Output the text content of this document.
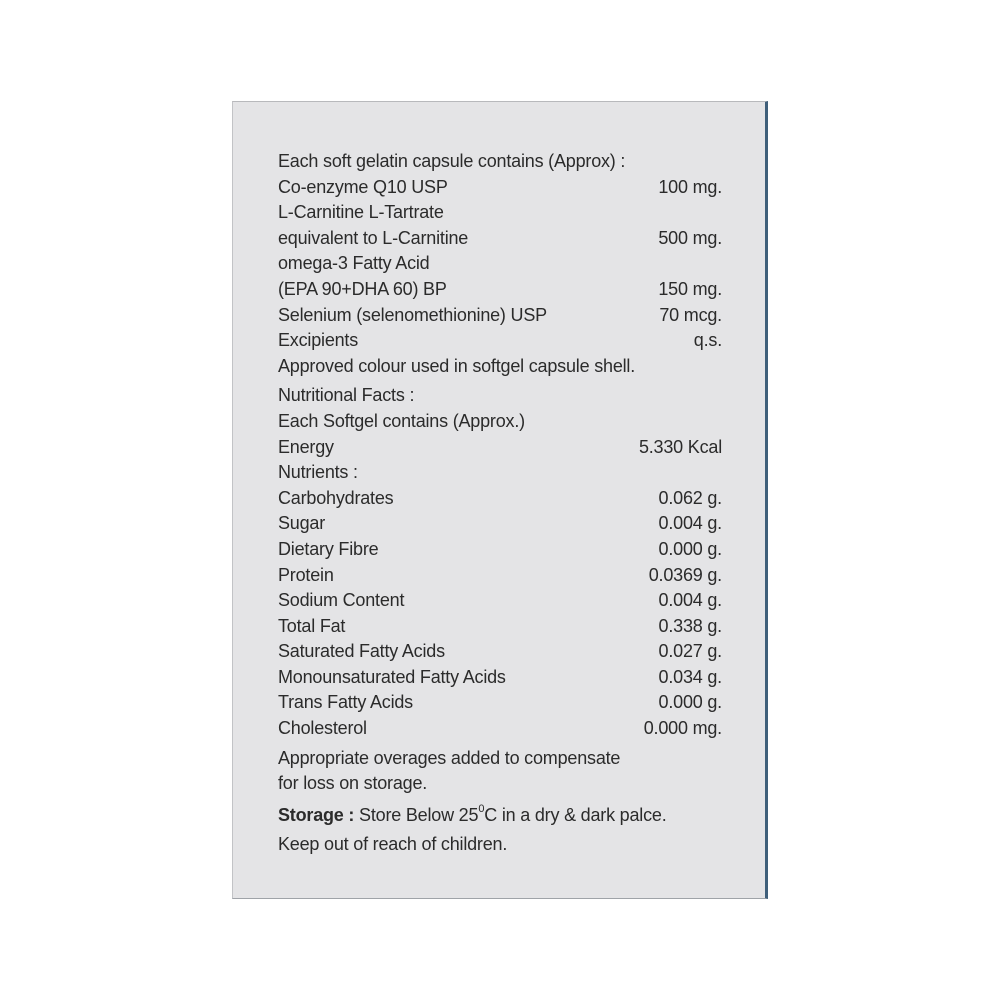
Each soft gelatin capsule contains (Approx) :
Co-enzyme Q10 USP	100 mg.
L-Carnitine L-Tartrate
equivalent to L-Carnitine	500 mg.
omega-3 Fatty Acid
(EPA 90+DHA 60) BP	150 mg.
Selenium (selenomethionine) USP	70 mcg.
Excipients	q.s.
Approved colour used in softgel capsule shell.
Nutritional Facts :
Each Softgel contains (Approx.)
Energy	5.330 Kcal
Nutrients :
Carbohydrates	0.062 g.
Sugar	0.004 g.
Dietary Fibre	0.000 g.
Protein	0.0369 g.
Sodium Content	0.004 g.
Total Fat	0.338 g.
Saturated Fatty Acids	0.027 g.
Monounsaturated Fatty Acids	0.034 g.
Trans Fatty Acids	0.000 g.
Cholesterol	0.000 mg.
Appropriate overages added to compensate
for loss on storage.
Storage : Store Below $25^0C$ in a dry & dark palce.
Keep out of reach of children.
